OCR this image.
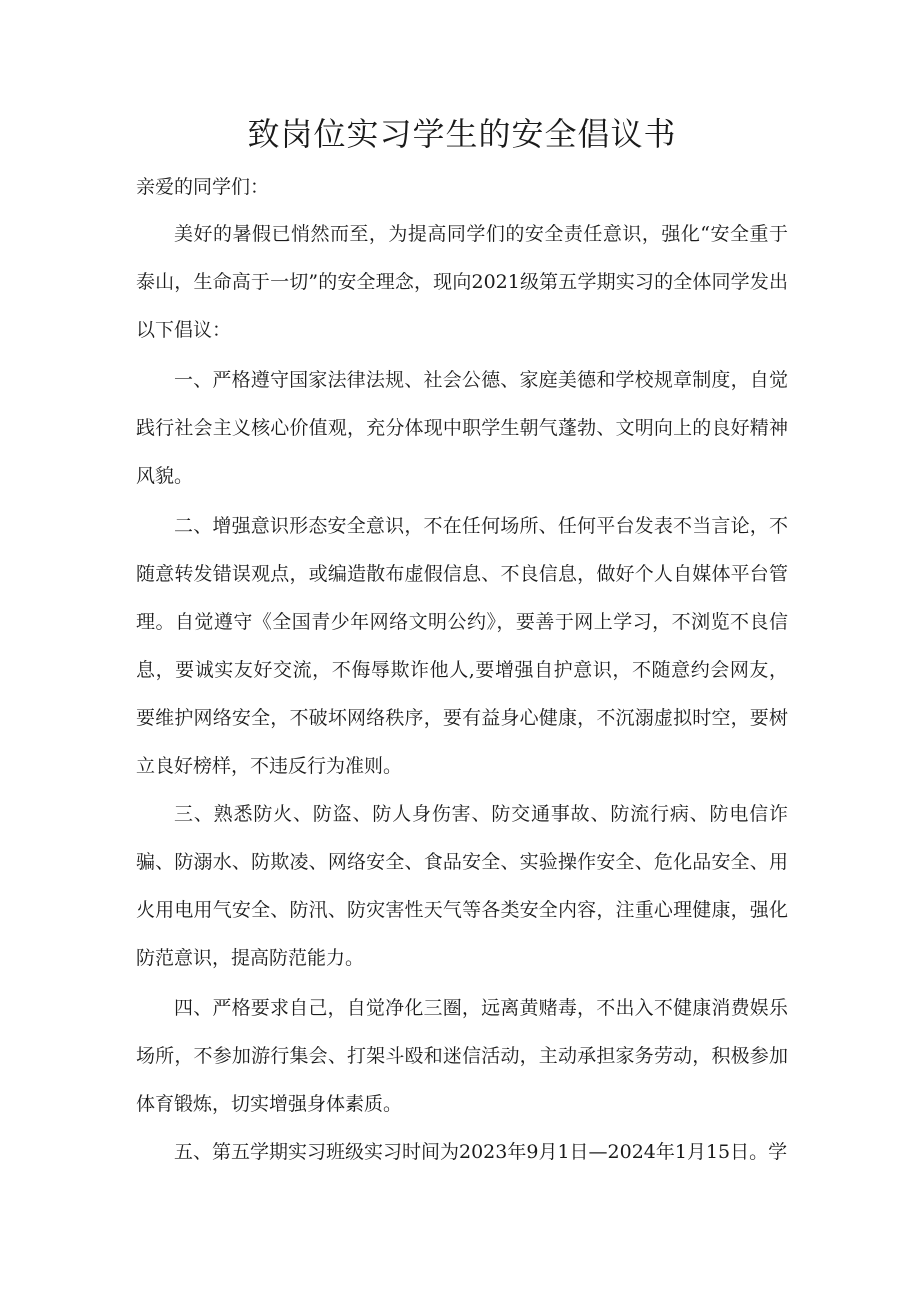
致岗位实习学生的安全倡议书

亲爱的同学们：

美好的暑假已悄然而至，为提高同学们的安全责任意识，强化“安全重于泰山，生命高于一切”的安全理念，现向2021级第五学期实习的全体同学发出以下倡议：

一、严格遵守国家法律法规、社会公德、家庭美德和学校规章制度，自觉践行社会主义核心价值观，充分体现中职学生朝气蓬勃、文明向上的良好精神风貌。

二、增强意识形态安全意识，不在任何场所、任何平台发表不当言论，不随意转发错误观点，或编造散布虚假信息、不良信息，做好个人自媒体平台管理。自觉遵守《全国青少年网络文明公约》，要善于网上学习，不浏览不良信息，要诚实友好交流，不侮辱欺诈他人,要增强自护意识，不随意约会网友，要维护网络安全，不破坏网络秩序，要有益身心健康，不沉溺虚拟时空，要树立良好榜样，不违反行为准则。

三、熟悉防火、防盗、防人身伤害、防交通事故、防流行病、防电信诈骗、防溺水、防欺凌、网络安全、食品安全、实验操作安全、危化品安全、用火用电用气安全、防汛、防灾害性天气等各类安全内容，注重心理健康，强化防范意识，提高防范能力。

四、严格要求自己，自觉净化三圈，远离黄赌毒，不出入不健康消费娱乐场所，不参加游行集会、打架斗殴和迷信活动，主动承担家务劳动，积极参加体育锻炼，切实增强身体素质。

五、第五学期实习班级实习时间为2023年9月1日—2024年1月15日。学
